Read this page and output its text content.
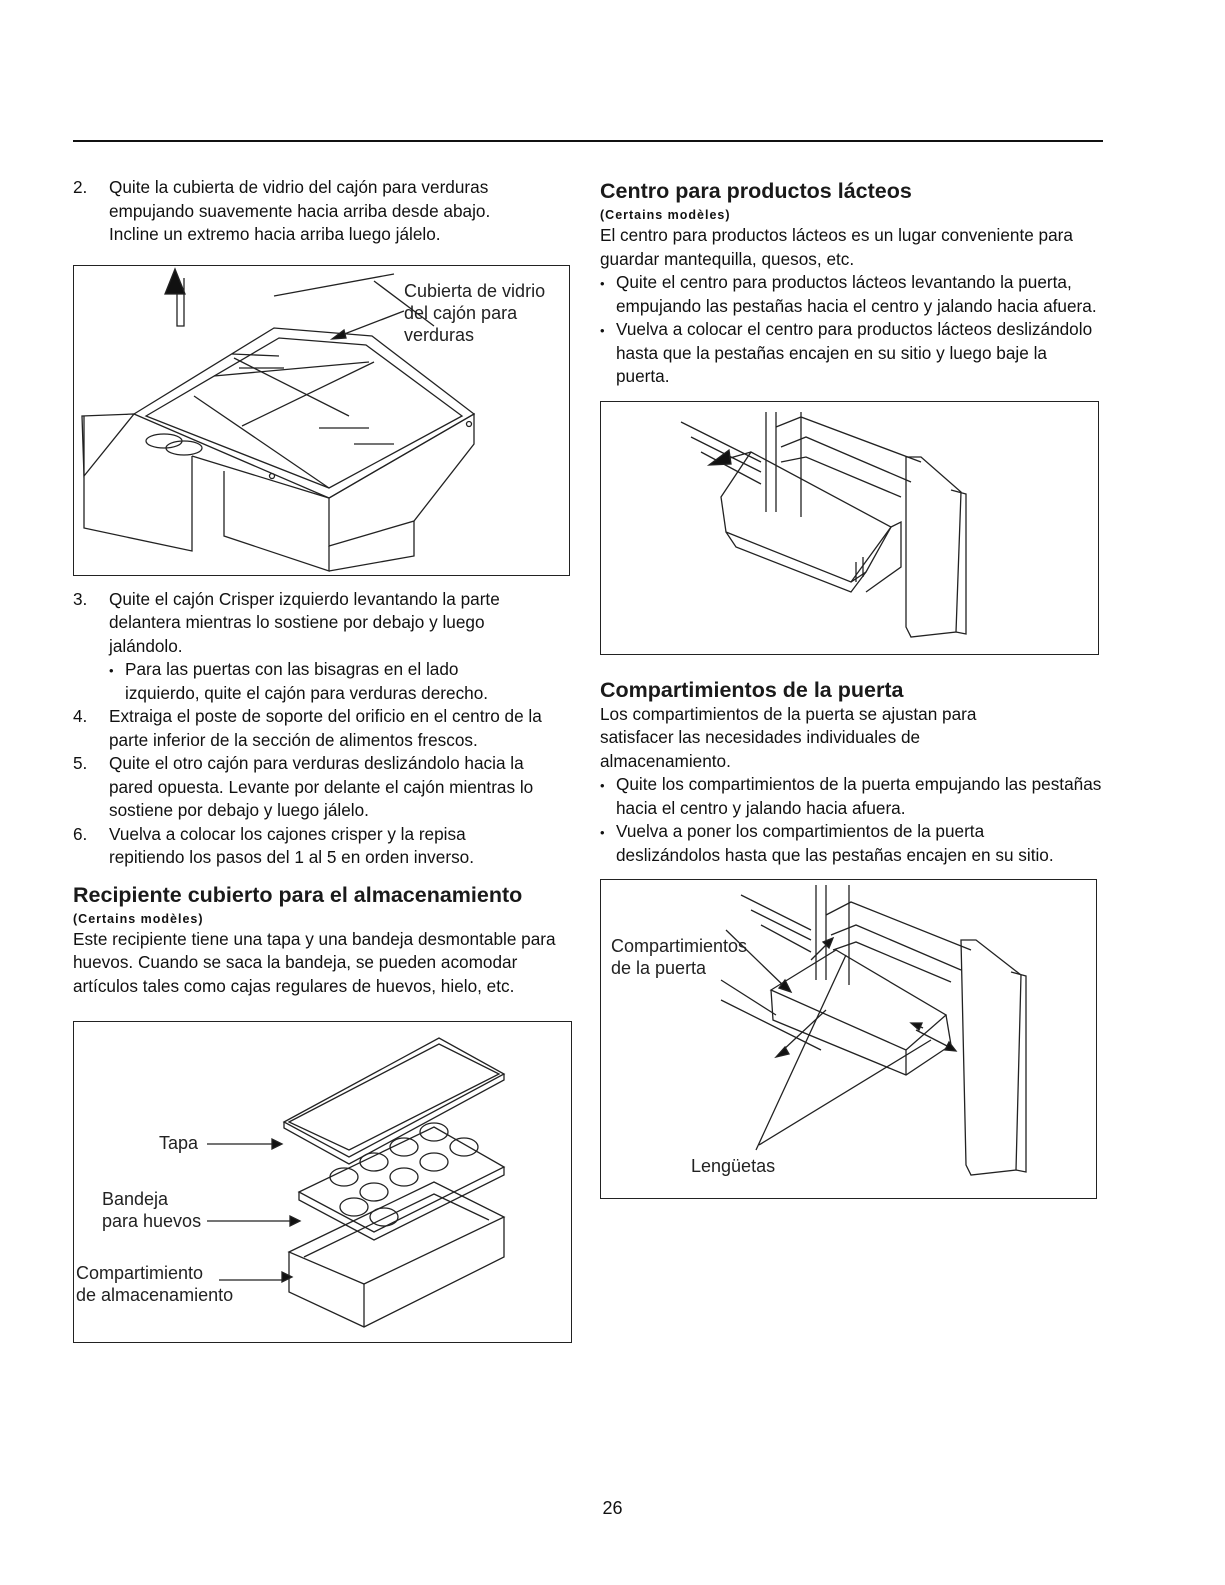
2.	Quite la cubierta de vidrio del cajón para verduras empujando suavemente hacia arriba desde abajo. Incline un extremo hacia arriba luego jálelo.
Cubierta de vidrio
del cajón para
verduras
3.	Quite el cajón Crisper izquierdo levantando la parte delantera mientras lo sostiene por debajo y luego jalándolo.
• Para las puertas con las bisagras en el lado izquierdo, quite el cajón para verduras derecho.
4.	Extraiga el poste de soporte del orificio en el centro de la parte inferior de la sección de alimentos frescos.
5.	Quite el otro cajón para verduras deslizándolo hacia la pared opuesta. Levante por delante el cajón mientras lo sostiene por debajo y luego jálelo.
6.	Vuelva a colocar los cajones crisper y la repisa repitiendo los pasos del 1 al 5 en orden inverso.
Recipiente cubierto para el almacenamiento
(Certains modèles)

Este recipiente tiene una tapa y una bandeja desmontable para huevos. Cuando se saca la bandeja, se pueden acomodar artículos tales como cajas regulares de huevos, hielo, etc.

Tapa
Bandeja
para huevos
Compartimiento
de almacenamiento
Centro para productos lácteos
(Certains modèles)

El centro para productos lácteos es un lugar conveniente para guardar mantequilla, quesos, etc.

• Quite el centro para productos lácteos levantando la puerta, empujando las pestañas hacia el centro y jalando hacia afuera.
• Vuelva a colocar el centro para productos lácteos deslizándolo hasta que la pestañas encajen en su sitio y luego baje la puerta.
Compartimientos de la puerta

Los compartimientos de la puerta se ajustan para satisfacer las necesidades individuales de almacenamiento.

• Quite los compartimientos de la puerta empujando las pestañas hacia el centro y jalando hacia afuera.
• Vuelva a poner los compartimientos de la puerta deslizándolos hasta que las pestañas encajen en su sitio.
Compartimientos
de la puerta
Lengüetas
26
